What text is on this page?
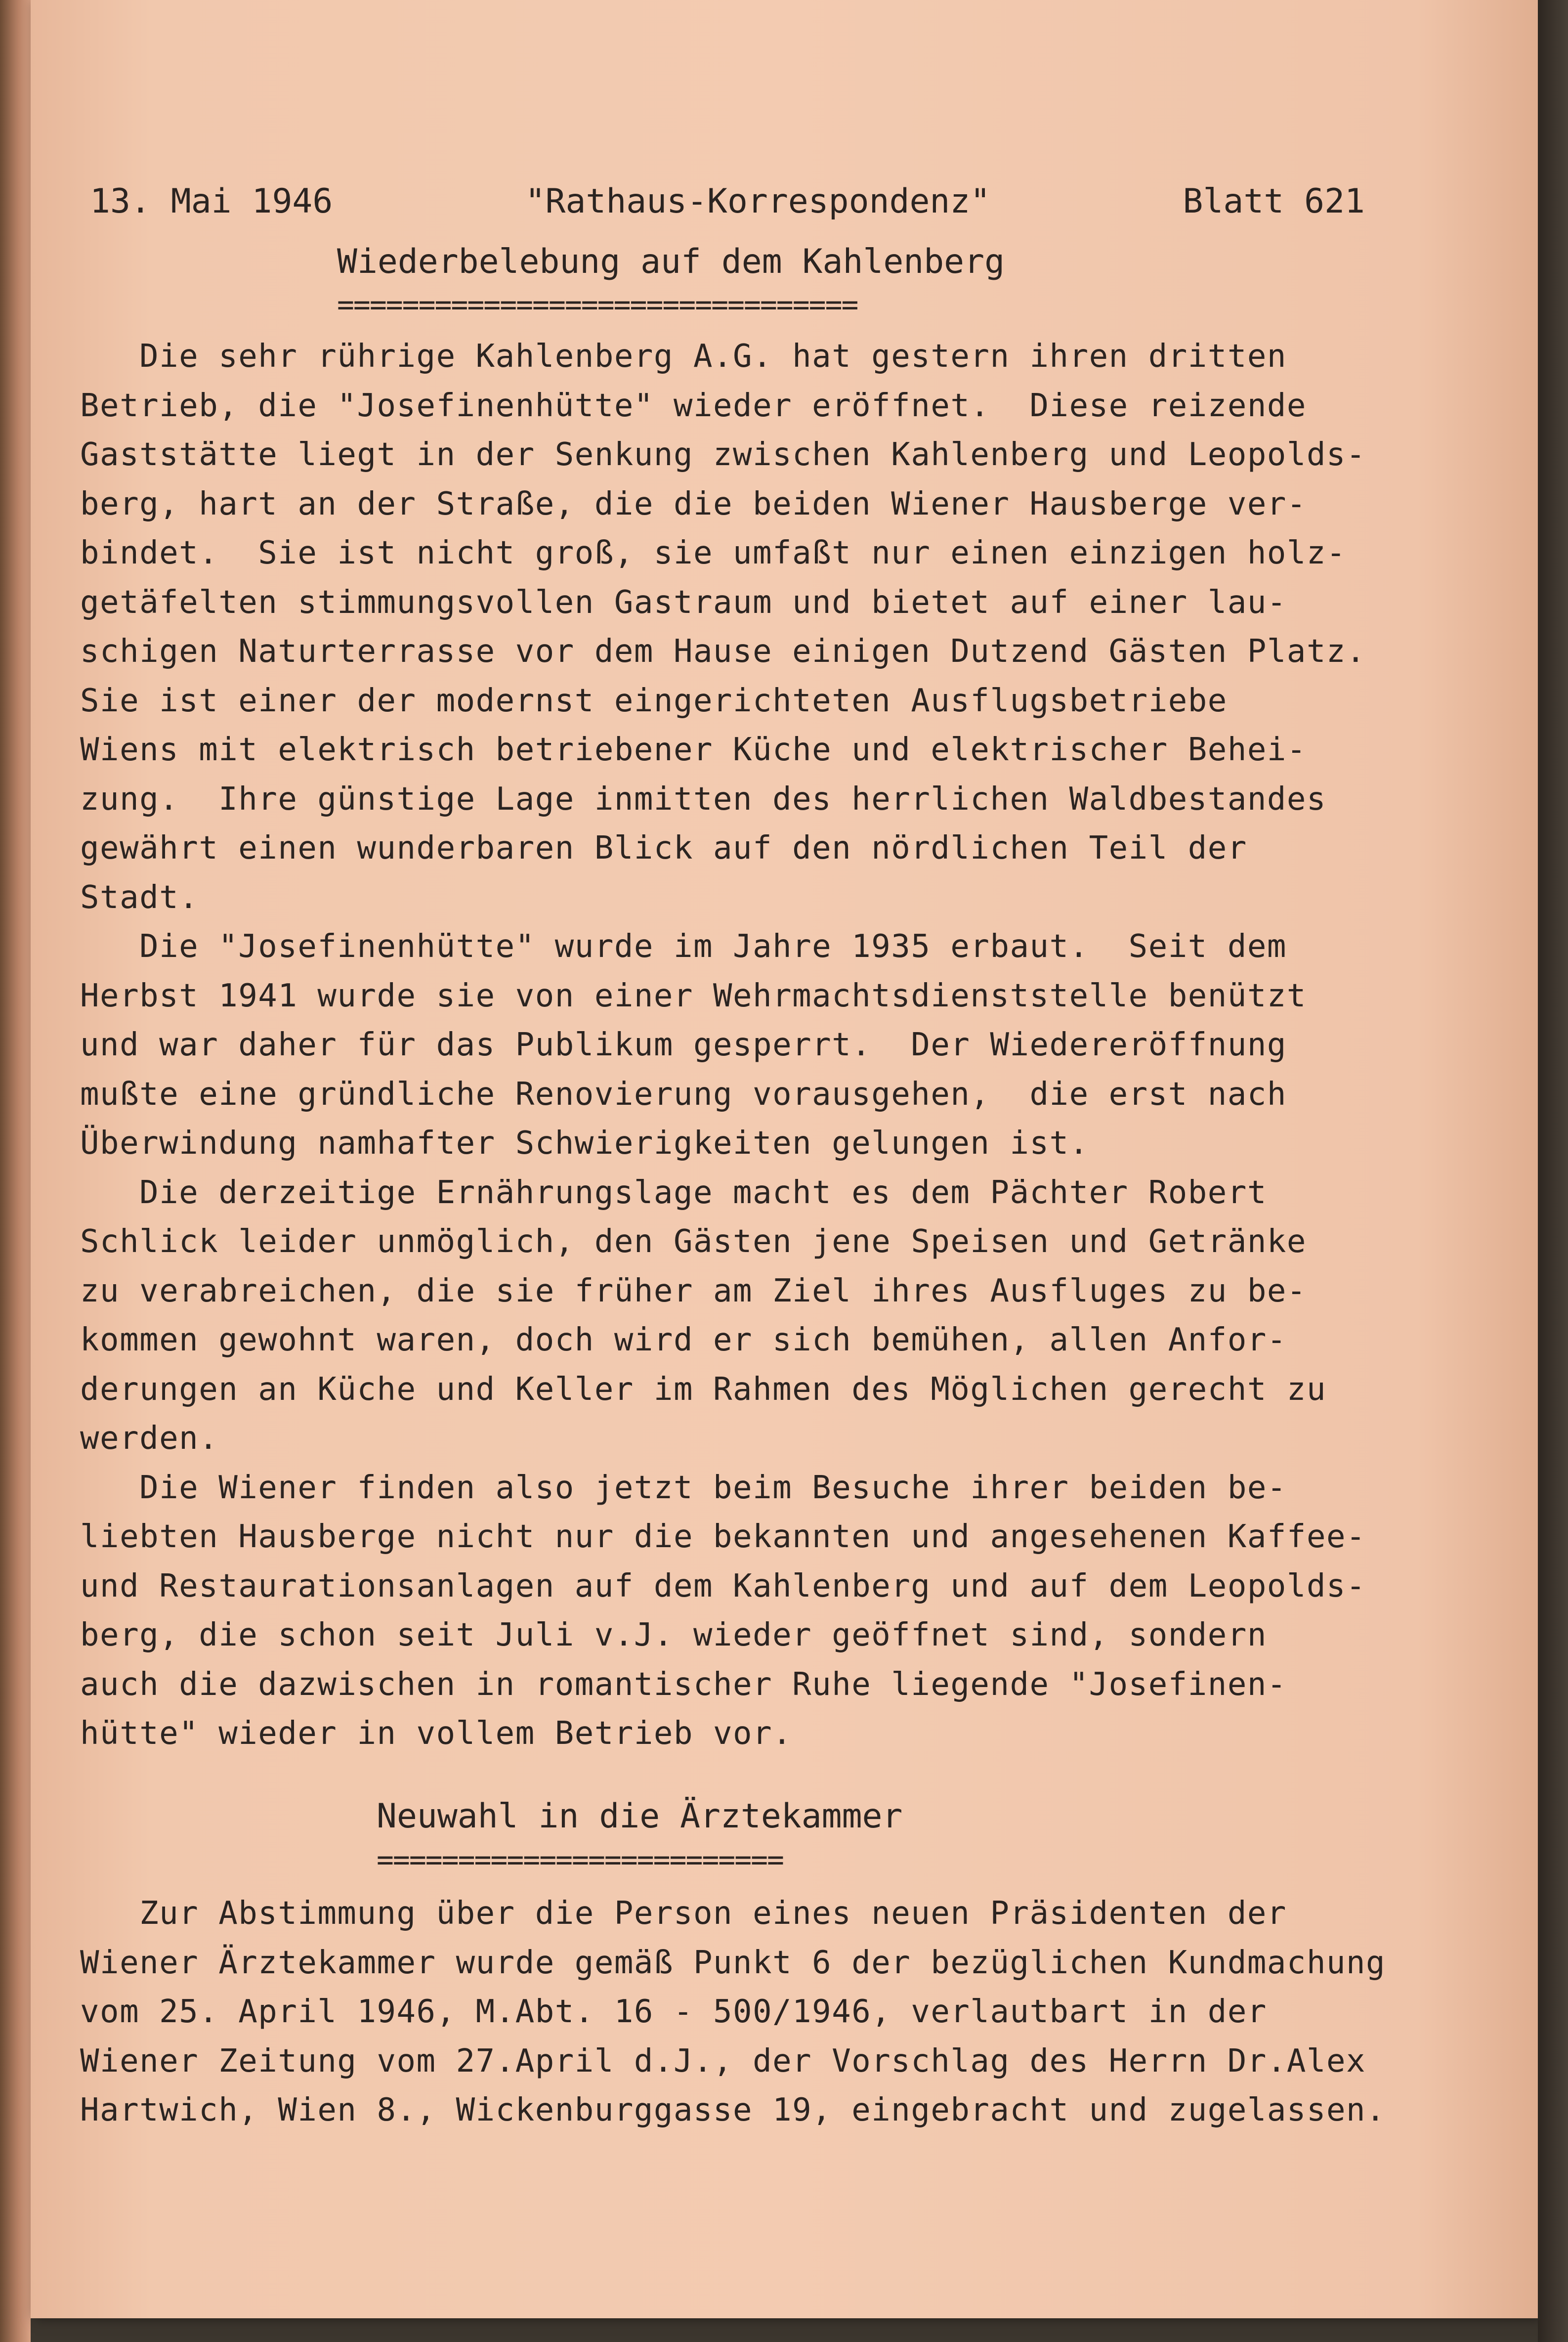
13. Mai 1946	"Rathaus-Korrespondenz"	Blatt 621
Wiederbelebung auf dem Kahlenberg
================================
Die sehr rührige Kahlenberg A.G. hat gestern ihren dritten
Betrieb, die "Josefinenhütte" wieder eröffnet.  Diese reizende
Gaststätte liegt in der Senkung zwischen Kahlenberg und Leopolds-
berg, hart an der Straße, die die beiden Wiener Hausberge ver-
bindet.  Sie ist nicht groß, sie umfaßt nur einen einzigen holz-
getäfelten stimmungsvollen Gastraum und bietet auf einer lau-
schigen Naturterrasse vor dem Hause einigen Dutzend Gästen Platz.
Sie ist einer der modernst eingerichteten Ausflugsbetriebe
Wiens mit elektrisch betriebener Küche und elektrischer Behei-
zung.  Ihre günstige Lage inmitten des herrlichen Waldbestandes
gewährt einen wunderbaren Blick auf den nördlichen Teil der
Stadt.
Die "Josefinenhütte" wurde im Jahre 1935 erbaut.  Seit dem
Herbst 1941 wurde sie von einer Wehrmachtsdienststelle benützt
und war daher für das Publikum gesperrt.  Der Wiedereröffnung
mußte eine gründliche Renovierung vorausgehen,  die erst nach
Überwindung namhafter Schwierigkeiten gelungen ist.
Die derzeitige Ernährungslage macht es dem Pächter Robert
Schlick leider unmöglich, den Gästen jene Speisen und Getränke
zu verabreichen, die sie früher am Ziel ihres Ausfluges zu be-
kommen gewohnt waren, doch wird er sich bemühen, allen Anfor-
derungen an Küche und Keller im Rahmen des Möglichen gerecht zu
werden.
Die Wiener finden also jetzt beim Besuche ihrer beiden be-
liebten Hausberge nicht nur die bekannten und angesehenen Kaffee-
und Restaurationsanlagen auf dem Kahlenberg und auf dem Leopolds-
berg, die schon seit Juli v.J. wieder geöffnet sind, sondern
auch die dazwischen in romantischer Ruhe liegende "Josefinen-
hütte" wieder in vollem Betrieb vor.
Neuwahl in die Ärztekammer
=========================
Zur Abstimmung über die Person eines neuen Präsidenten der
Wiener Ärztekammer wurde gemäß Punkt 6 der bezüglichen Kundmachung
vom 25. April 1946, M.Abt. 16 - 500/1946, verlautbart in der
Wiener Zeitung vom 27.April d.J., der Vorschlag des Herrn Dr.Alex
Hartwich, Wien 8., Wickenburggasse 19, eingebracht und zugelassen.
